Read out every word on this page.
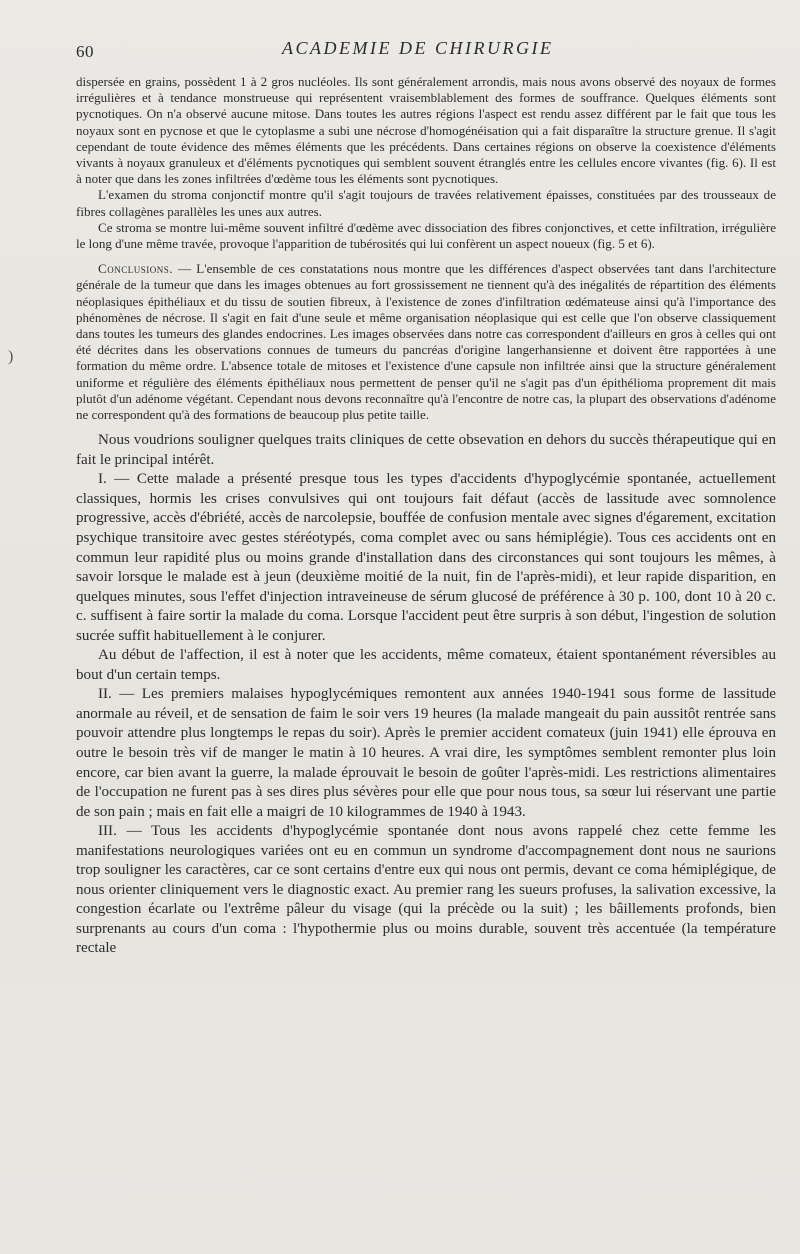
60	ACADEMIE DE CHIRURGIE
)

dispersée en grains, possèdent 1 à 2 gros nucléoles. Ils sont généralement arrondis, mais nous avons observé des noyaux de formes irrégulières et à tendance monstrueuse qui représentent vraisemblablement des formes de souffrance. Quelques éléments sont pycnotiques. On n'a observé aucune mitose. Dans toutes les autres régions l'aspect est rendu assez différent par le fait que tous les noyaux sont en pycnose et que le cytoplasme a subi une nécrose d'homogénéisation qui a fait disparaître la structure grenue. Il s'agit cependant de toute évidence des mêmes éléments que les précédents. Dans certaines régions on observe la coexistence d'éléments vivants à noyaux granuleux et d'éléments pycnotiques qui semblent souvent étranglés entre les cellules encore vivantes (fig. 6). Il est à noter que dans les zones infiltrées d'œdème tous les éléments sont pycnotiques.

L'examen du stroma conjonctif montre qu'il s'agit toujours de travées relativement épaisses, constituées par des trousseaux de fibres collagènes parallèles les unes aux autres.

Ce stroma se montre lui-même souvent infiltré d'œdème avec dissociation des fibres conjonctives, et cette infiltration, irrégulière le long d'une même travée, provoque l'apparition de tubérosités qui lui confèrent un aspect noueux (fig. 5 et 6).

Conclusions. — L'ensemble de ces constatations nous montre que les différences d'aspect observées tant dans l'architecture générale de la tumeur que dans les images obtenues au fort grossissement ne tiennent qu'à des inégalités de répartition des éléments néoplasiques épithéliaux et du tissu de soutien fibreux, à l'existence de zones d'infiltration œdémateuse ainsi qu'à l'importance des phénomènes de nécrose. Il s'agit en fait d'une seule et même organisation néoplasique qui est celle que l'on observe classiquement dans toutes les tumeurs des glandes endocrines. Les images observées dans notre cas correspondent d'ailleurs en gros à celles qui ont été décrites dans les observations connues de tumeurs du pancréas d'origine langerhansienne et doivent être rapportées à une formation du même ordre. L'absence totale de mitoses et l'existence d'une capsule non infiltrée ainsi que la structure généralement uniforme et régulière des éléments épithéliaux nous permettent de penser qu'il ne s'agit pas d'un épithélioma proprement dit mais plutôt d'un adénome végétant. Cependant nous devons reconnaître qu'à l'encontre de notre cas, la plupart des observations d'adénome ne correspondent qu'à des formations de beaucoup plus petite taille.

Nous voudrions souligner quelques traits cliniques de cette obsevation en dehors du succès thérapeutique qui en fait le principal intérêt.

I. — Cette malade a présenté presque tous les types d'accidents d'hypoglycémie spontanée, actuellement classiques, hormis les crises convulsives qui ont toujours fait défaut (accès de lassitude avec somnolence progressive, accès d'ébriété, accès de narcolepsie, bouffée de confusion mentale avec signes d'égarement, excitation psychique transitoire avec gestes stéréotypés, coma complet avec ou sans hémiplégie). Tous ces accidents ont en commun leur rapidité plus ou moins grande d'installation dans des circonstances qui sont toujours les mêmes, à savoir lorsque le malade est à jeun (deuxième moitié de la nuit, fin de l'après-midi), et leur rapide disparition, en quelques minutes, sous l'effet d'injection intraveineuse de sérum glucosé de préférence à 30 p. 100, dont 10 à 20 c. c. suffisent à faire sortir la malade du coma. Lorsque l'accident peut être surpris à son début, l'ingestion de solution sucrée suffit habituellement à le conjurer.

Au début de l'affection, il est à noter que les accidents, même comateux, étaient spontanément réversibles au bout d'un certain temps.

II. — Les premiers malaises hypoglycémiques remontent aux années 1940-1941 sous forme de lassitude anormale au réveil, et de sensation de faim le soir vers 19 heures (la malade mangeait du pain aussitôt rentrée sans pouvoir attendre plus longtemps le repas du soir). Après le premier accident comateux (juin 1941) elle éprouva en outre le besoin très vif de manger le matin à 10 heures. A vrai dire, les symptômes semblent remonter plus loin encore, car bien avant la guerre, la malade éprouvait le besoin de goûter l'après-midi. Les restrictions alimentaires de l'occupation ne furent pas à ses dires plus sévères pour elle que pour nous tous, sa sœur lui réservant une partie de son pain ; mais en fait elle a maigri de 10 kilogrammes de 1940 à 1943.

III. — Tous les accidents d'hypoglycémie spontanée dont nous avons rappelé chez cette femme les manifestations neurologiques variées ont eu en commun un syndrome d'accompagnement dont nous ne saurions trop souligner les caractères, car ce sont certains d'entre eux qui nous ont permis, devant ce coma hémiplégique, de nous orienter cliniquement vers le diagnostic exact. Au premier rang les sueurs profuses, la salivation excessive, la congestion écarlate ou l'extrême pâleur du visage (qui la précède ou la suit) ; les bâillements profonds, bien surprenants au cours d'un coma : l'hypothermie plus ou moins durable, souvent très accentuée (la température rectale
